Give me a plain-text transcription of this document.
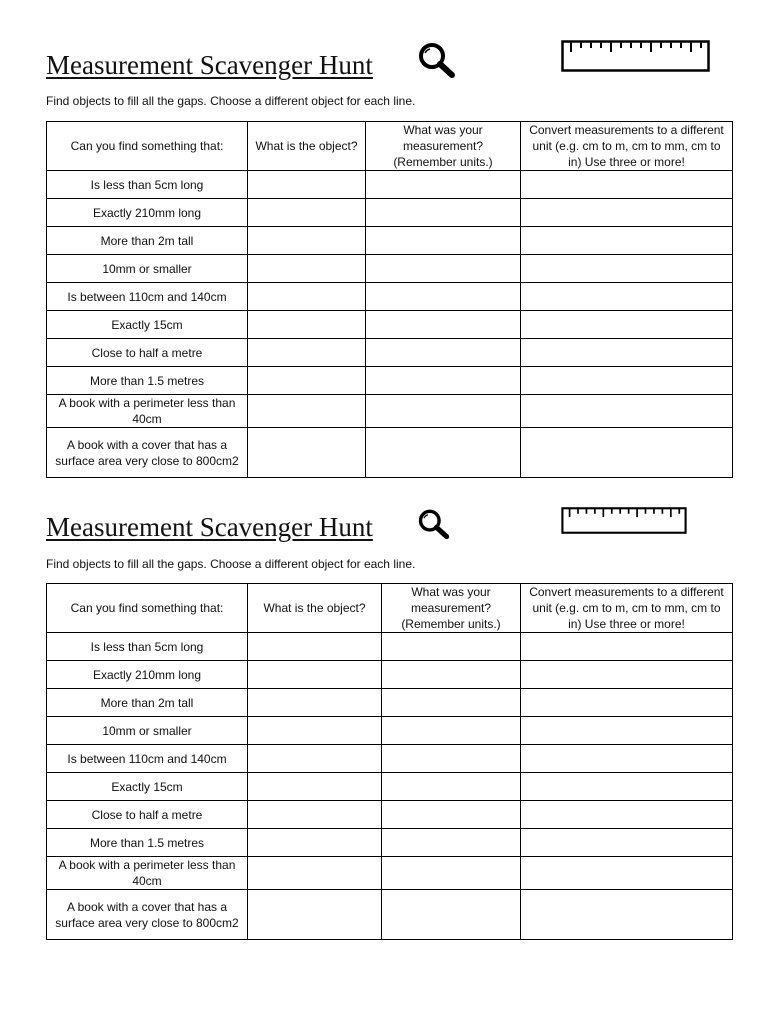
Measurement Scavenger Hunt
Find objects to fill all the gaps. Choose a different object for each line.
Can you find something that:	What is the object?	What was your measurement? (Remember units.)	Convert measurements to a different unit (e.g. cm to m, cm to mm, cm to in) Use three or more!
Is less than 5cm long			
Exactly 210mm long			
More than 2m tall			
10mm or smaller			
Is between 110cm and 140cm			
Exactly 15cm			
Close to half a metre			
More than 1.5 metres			
A book with a perimeter less than 40cm			
A book with a cover that has a surface area very close to 800cm2			
Measurement Scavenger Hunt
Find objects to fill all the gaps. Choose a different object for each line.
Can you find something that:	What is the object?	What was your measurement? (Remember units.)	Convert measurements to a different unit (e.g. cm to m, cm to mm, cm to in) Use three or more!
Is less than 5cm long			
Exactly 210mm long			
More than 2m tall			
10mm or smaller			
Is between 110cm and 140cm			
Exactly 15cm			
Close to half a metre			
More than 1.5 metres			
A book with a perimeter less than 40cm			
A book with a cover that has a surface area very close to 800cm2			
